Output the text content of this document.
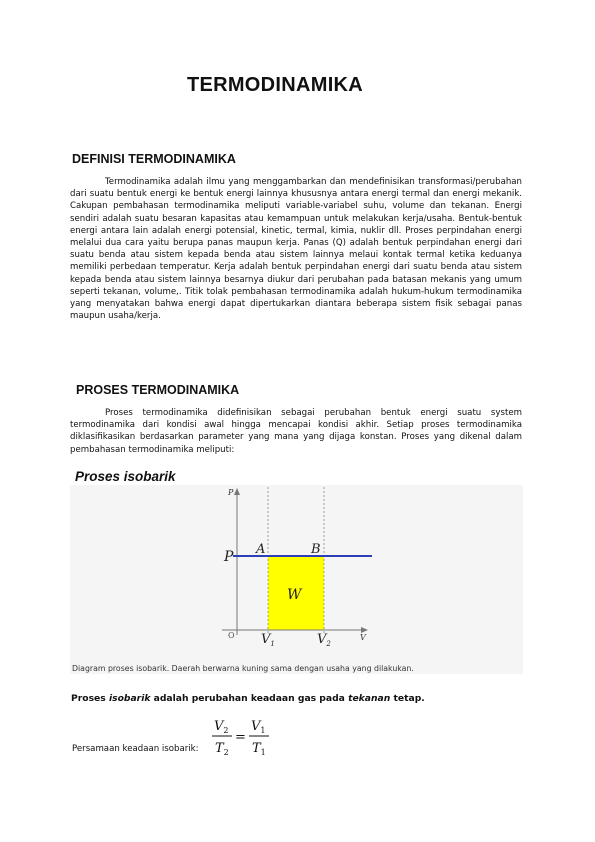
TERMODINAMIKA
DEFINISI TERMODINAMIKA
Termodinamika adalah ilmu yang menggambarkan dan mendefinisikan transformasi/perubahan dari suatu bentuk energi ke bentuk energi lainnya khususnya antara energi termal dan energi mekanik. Cakupan pembahasan termodinamika meliputi variable-variabel suhu, volume dan tekanan. Energi sendiri adalah suatu besaran kapasitas atau kemampuan untuk melakukan kerja/usaha. Bentuk-bentuk energi antara lain adalah energi potensial, kinetic, termal, kimia, nuklir dll. Proses perpindahan energi melalui dua cara yaitu berupa panas maupun kerja. Panas (Q) adalah bentuk perpindahan energi dari suatu benda atau sistem kepada benda atau sistem lainnya melaui kontak termal ketika keduanya memiliki perbedaan temperatur. Kerja adalah bentuk perpindahan energi dari suatu benda atau sistem kepada benda atau sistem lainnya besarnya diukur dari perubahan pada batasan mekanis yang umum seperti tekanan, volume,. Titik tolak pembahasan termodinamika adalah hukum-hukum termodinamika yang menyatakan bahwa energi dapat dipertukarkan diantara beberapa sistem fisik sebagai panas maupun usaha/kerja.
PROSES TERMODINAMIKA
Proses termodinamika didefinisikan sebagai perubahan bentuk energi suatu system termodinamika dari kondisi awal hingga mencapai kondisi akhir. Setiap proses termodinamika diklasifikasikan berdasarkan parameter yang mana yang dijaga konstan. Proses yang dikenal dalam pembahasan termodinamika meliputi:
Proses isobarik
P
P A	B
W
O	V
$V_1$	$V_2$
Diagram proses isobarik. Daerah berwarna kuning sama dengan usaha yang dilakukan.
Proses isobarik adalah perubahan keadaan gas pada tekanan tetap.
Persamaan keadaan isobarik:
$V_2$
$T_2$
=
$V_1$
$T_1$
